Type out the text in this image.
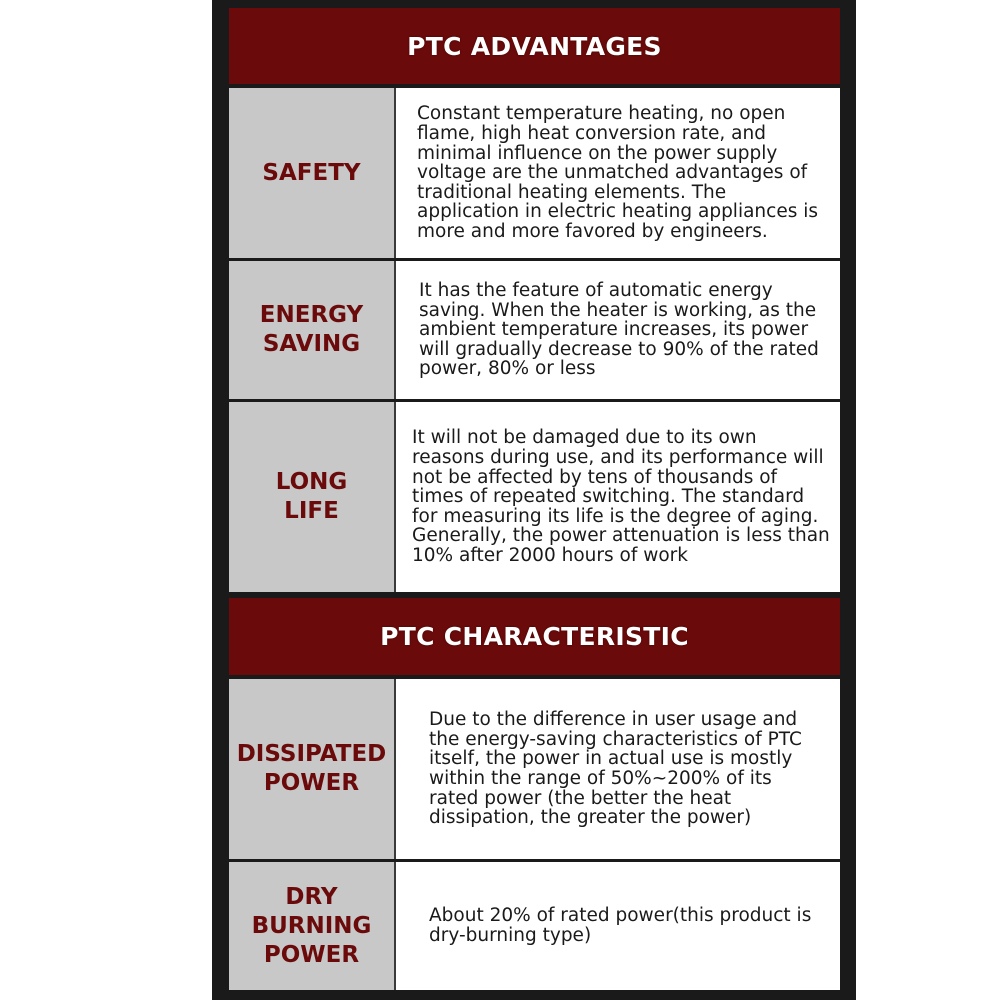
PTC ADVANTAGES
SAFETY
Constant temperature heating, no open flame, high heat conversion rate, and minimal influence on the power supply voltage are the unmatched advantages of traditional heating elements. The application in electric heating appliances is more and more favored by engineers.
ENERGY
SAVING
It has the feature of automatic energy saving. When the heater is working, as the ambient temperature increases, its power will gradually decrease to 90% of the rated power, 80% or less
LONG
LIFE
It will not be damaged due to its own reasons during use, and its performance will not be affected by tens of thousands of times of repeated switching. The standard for measuring its life is the degree of aging. Generally, the power attenuation is less than 10% after 2000 hours of work
PTC CHARACTERISTIC
DISSIPATED
POWER
Due to the difference in user usage and the energy-saving characteristics of PTC itself, the power in actual use is mostly within the range of 50%~200% of its rated power (the better the heat dissipation, the greater the power)
DRY
BURNING
POWER
About 20% of rated power(this product is dry-burning type)
